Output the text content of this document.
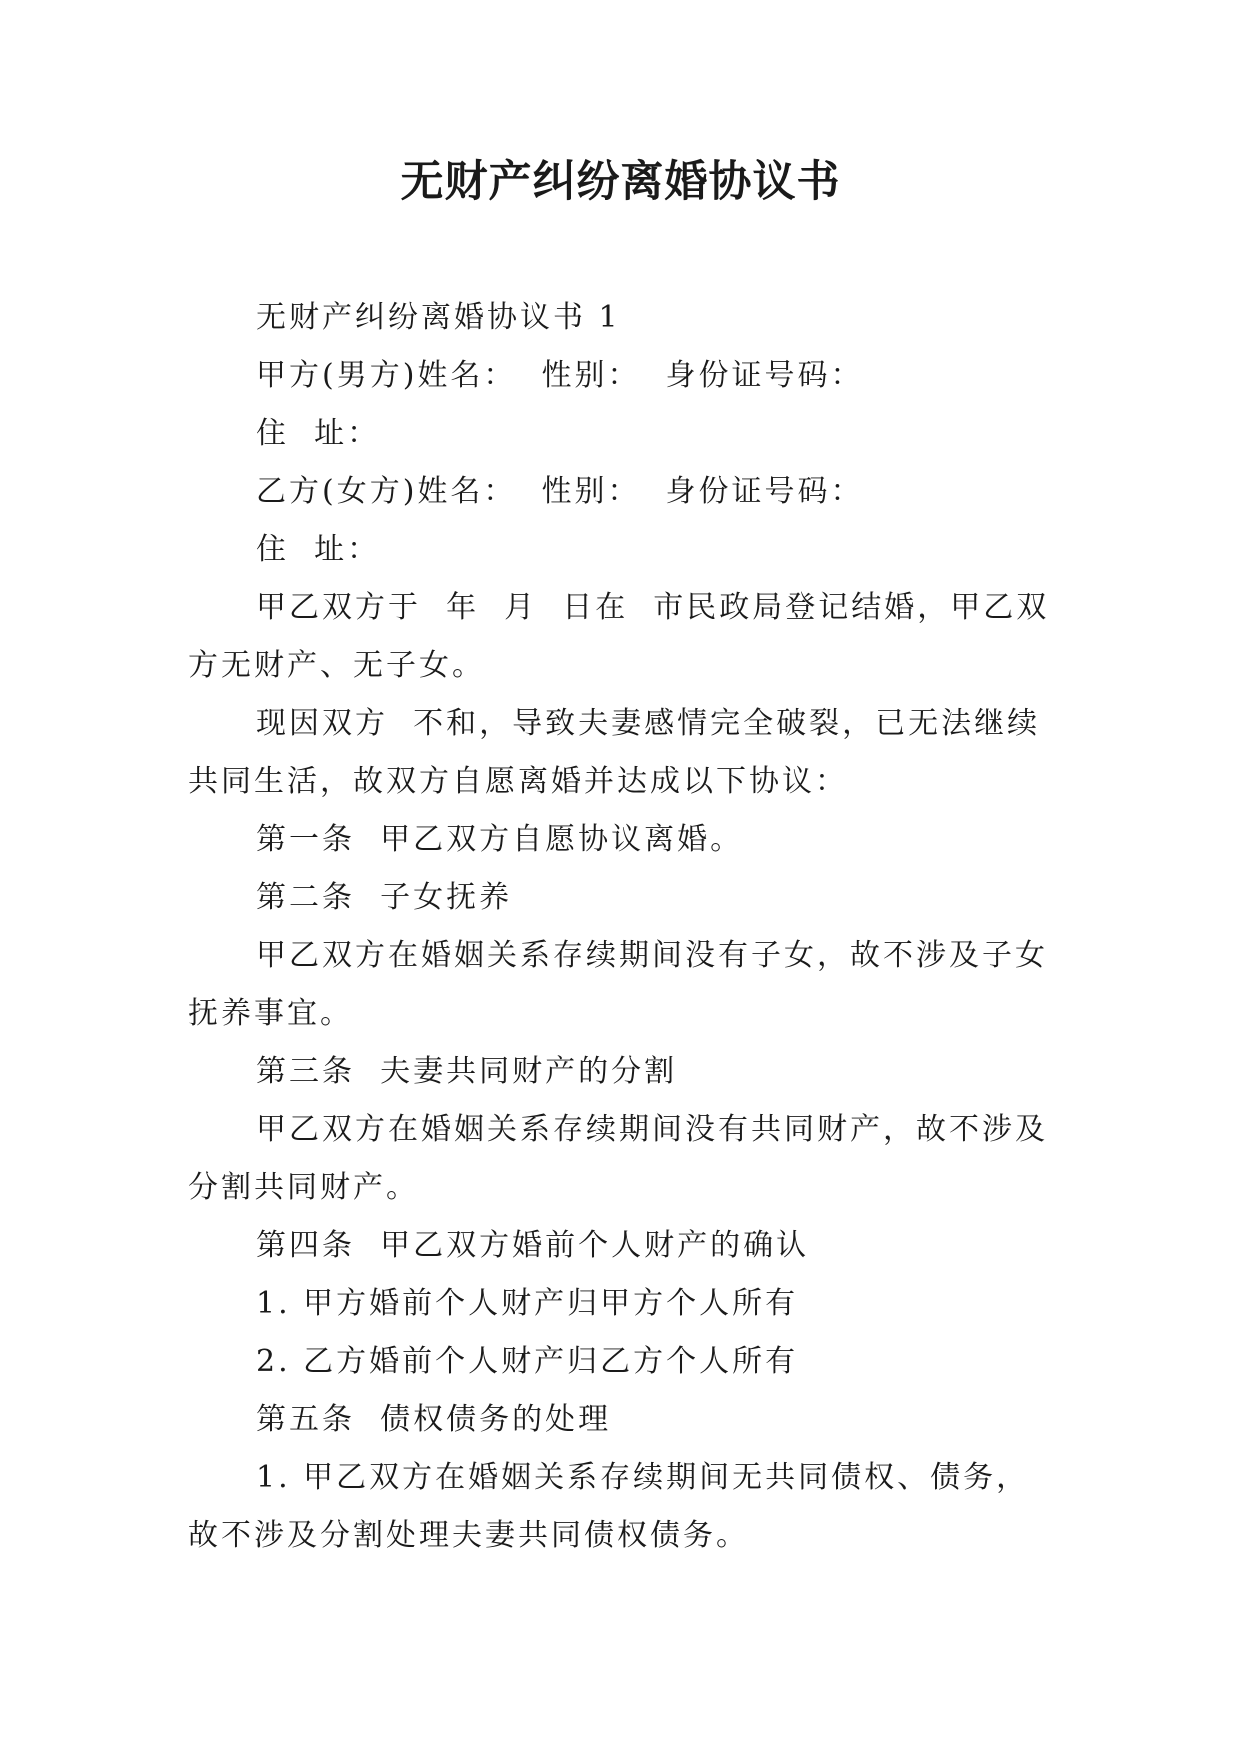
无财产纠纷离婚协议书

无财产纠纷离婚协议书 1

甲方(男方)姓名：  性别：  身份证号码：

住  址：

乙方(女方)姓名：  性别：  身份证号码：

住  址：

甲乙双方于  年  月  日在  市民政局登记结婚，甲乙双方无财产、无子女。

现因双方  不和，导致夫妻感情完全破裂，已无法继续共同生活，故双方自愿离婚并达成以下协议：

第一条  甲乙双方自愿协议离婚。

第二条  子女抚养

甲乙双方在婚姻关系存续期间没有子女，故不涉及子女抚养事宜。

第三条  夫妻共同财产的分割

甲乙双方在婚姻关系存续期间没有共同财产，故不涉及分割共同财产。

第四条  甲乙双方婚前个人财产的确认

1. 甲方婚前个人财产归甲方个人所有

2. 乙方婚前个人财产归乙方个人所有

第五条  债权债务的处理

1. 甲乙双方在婚姻关系存续期间无共同债权、债务，故不涉及分割处理夫妻共同债权债务。
